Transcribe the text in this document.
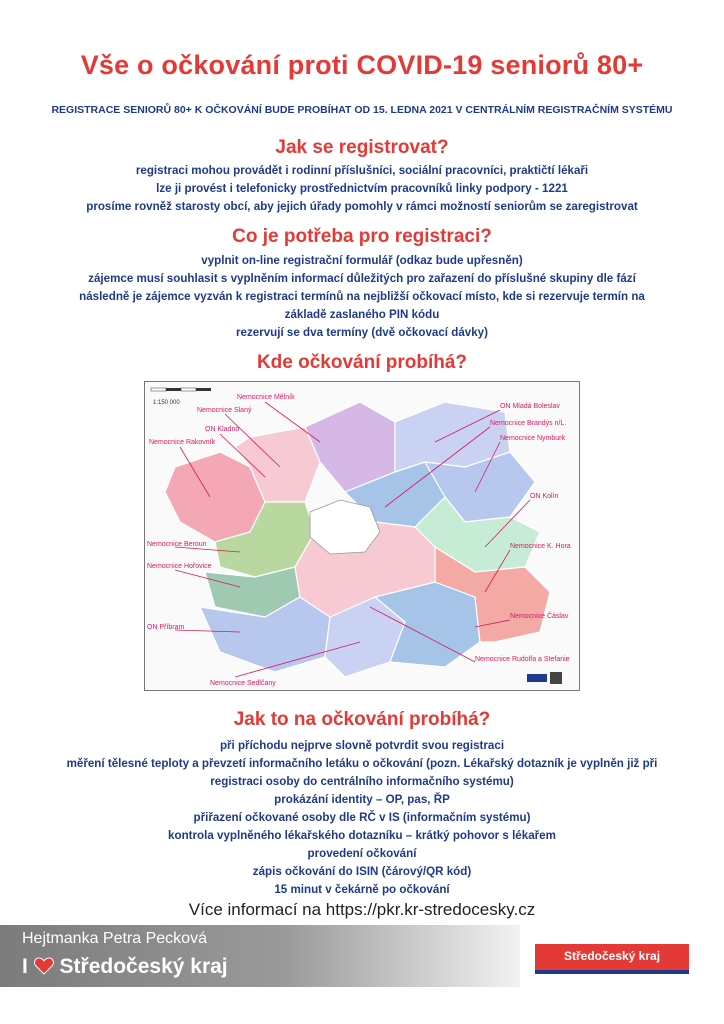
Vše o očkování proti COVID-19 seniorů 80+
REGISTRACE SENIORŮ 80+ K OČKOVÁNÍ BUDE PROBÍHAT OD 15. LEDNA 2021 V CENTRÁLNÍM REGISTRAČNÍM SYSTÉMU
Jak se registrovat?
registraci mohou provádět i rodinní příslušníci, sociální pracovníci, praktičtí lékaři
lze ji provést i telefonicky prostřednictvím pracovníků linky podpory - 1221
prosíme rovněž starosty obcí, aby jejich úřady pomohly v rámci možností seniorům se zaregistrovat
Co je potřeba pro registraci?
vyplnit on-line registrační formulář (odkaz bude upřesněn)
zájemce musí souhlasit s vyplněním informací důležitých pro zařazení do příslušné skupiny dle fází
následně je zájemce vyzván k registraci termínů na nejbližší očkovací místo, kde si rezervuje termín na
základě zaslaného PIN kódu
rezervují se dva termíny (dvě očkovací dávky)
Kde očkování probíhá?
1:150 000
Nemocnice Mělník
Nemocnice Slaný
ON Kladno
Nemocnice Rakovník
Nemocnice Beroun
Nemocnice Hořovice
ON Příbram
Nemocnice Sedlčany
ON Mladá Boleslav
Nemocnice Brandýs n/L.
Nemocnice Nymburk
ON Kolín
Nemocnice K. Hora
Nemocnice Čáslav
Nemocnice Rudolfa a Stefanie
Jak to na očkování probíhá?
při příchodu nejprve slovně potvrdit svou registraci
měření tělesné teploty a převzetí informačního letáku o očkování (pozn. Lékařský dotazník je vyplněn již při
registraci osoby do centrálního informačního systému)
prokázání identity – OP, pas, ŘP
přiřazení očkované osoby dle RČ v IS (informačním systému)
kontrola vyplněného lékařského dotazníku – krátký pohovor s lékařem
provedení očkování
zápis očkování do ISIN (čárový/QR kód)
15 minut v čekárně po očkování
Více informací na https://pkr.kr-stredocesky.cz
Hejtmanka Petra Pecková
I Středočeský kraj	Středočeský kraj
